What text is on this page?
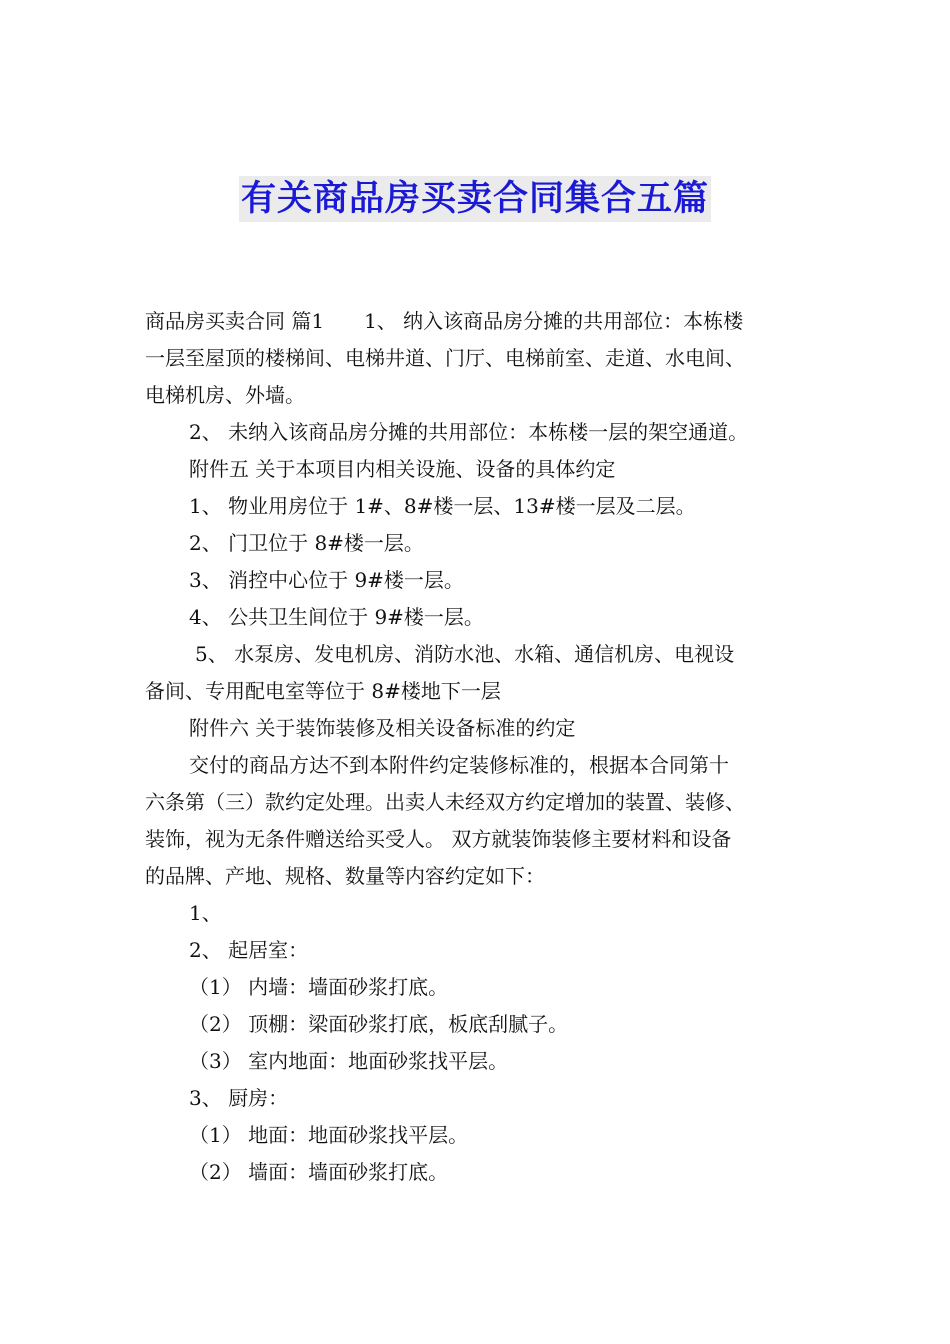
有关商品房买卖合同集合五篇
商品房买卖合同 篇1　　1、 纳入该商品房分摊的共用部位：本栋楼
一层至屋顶的楼梯间、电梯井道、门厅、电梯前室、走道、水电间、
电梯机房、外墙。
2、 未纳入该商品房分摊的共用部位：本栋楼一层的架空通道。
附件五 关于本项目内相关设施、设备的具体约定
1、 物业用房位于 1#、8#楼一层、13#楼一层及二层。
2、 门卫位于 8#楼一层。
3、 消控中心位于 9#楼一层。
4、 公共卫生间位于 9#楼一层。
5、 水泵房、发电机房、消防水池、水箱、通信机房、电视设
备间、专用配电室等位于 8#楼地下一层
附件六 关于装饰装修及相关设备标准的约定
交付的商品方达不到本附件约定装修标准的，根据本合同第十
六条第（三）款约定处理。出卖人未经双方约定增加的装置、装修、
装饰，视为无条件赠送给买受人。 双方就装饰装修主要材料和设备
的品牌、产地、规格、数量等内容约定如下：
1、
2、 起居室：
（1） 内墙：墙面砂浆打底。
（2） 顶棚：梁面砂浆打底，板底刮腻子。
（3） 室内地面：地面砂浆找平层。
3、 厨房：
（1） 地面：地面砂浆找平层。
（2） 墙面：墙面砂浆打底。
